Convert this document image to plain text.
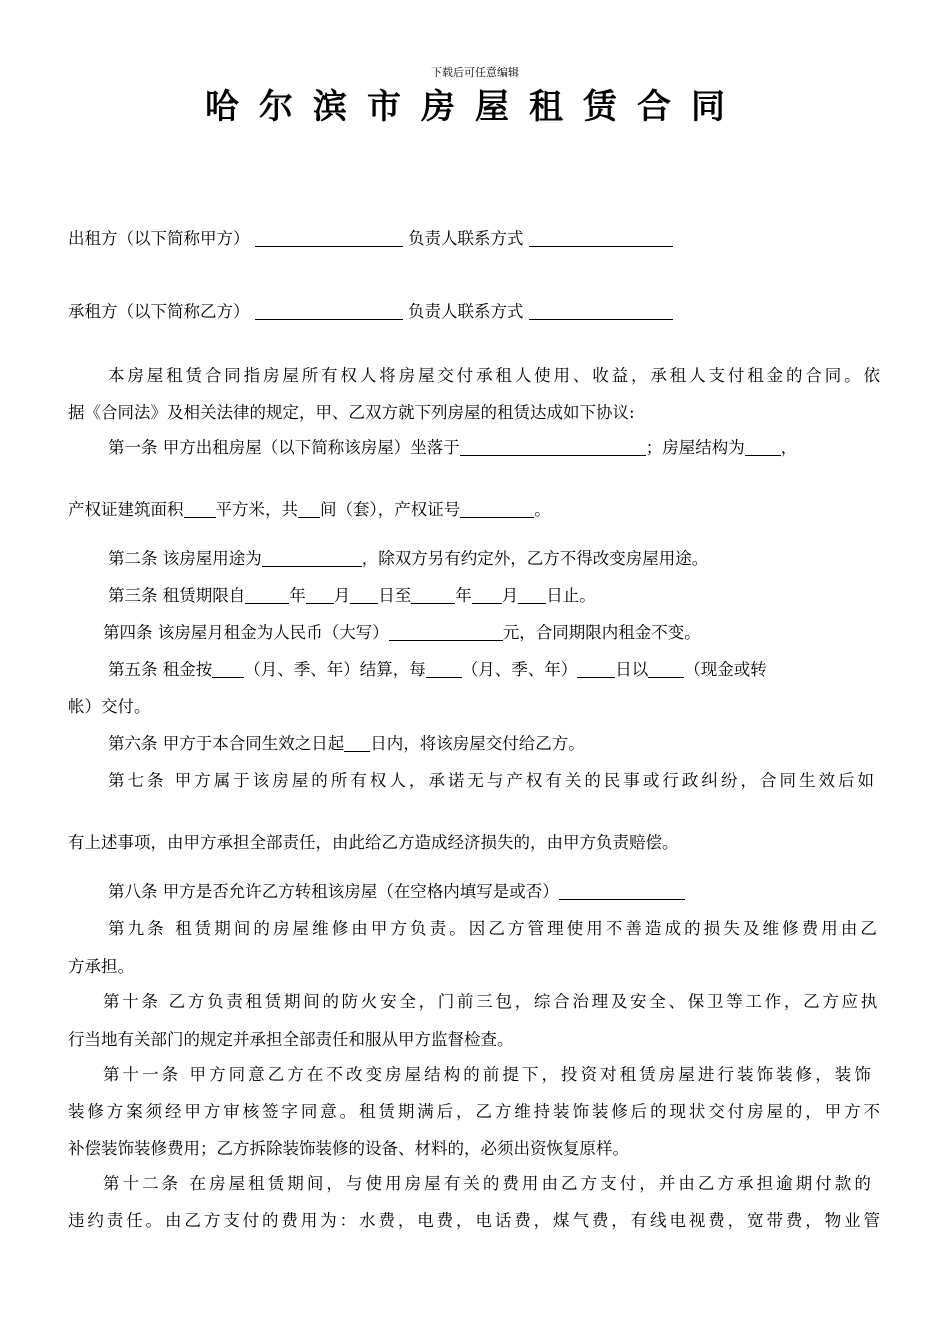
下载后可任意编辑
哈尔滨市房屋租赁合同
出租方（以下简称甲方）	负责人联系方式
承租方（以下简称乙方）	负责人联系方式
本房屋租赁合同指房屋所有权人将房屋交付承租人使用、收益，承租人支付租金的合同。依
据《合同法》及相关法律的规定，甲、乙双方就下列房屋的租赁达成如下协议:
第一条 甲方出租房屋（以下简称该房屋）坐落于	；房屋结构为 ，
产权证建筑面积 平方米，共 间（套），产权证号	。
第二条 该房屋用途为	，除双方另有约定外，乙方不得改变房屋用途。
第三条 租赁期限自	年 月 日至	年 月 日止。
第四条 该房屋月租金为人民币（大写）	元，合同期限内租金不变。
第五条 租金按 （月、季、年）结算，每 （月、季、年） 日以 （现金或转
帐）交付。
第六条 甲方于本合同生效之日起 日内，将该房屋交付给乙方。
第七条 甲方属于该房屋的所有权人，承诺无与产权有关的民事或行政纠纷，合同生效后如
有上述事项，由甲方承担全部责任，由此给乙方造成经济损失的，由甲方负责赔偿。
第八条 甲方是否允许乙方转租该房屋（在空格内填写是或否）
第九条 租赁期间的房屋维修由甲方负责。因乙方管理使用不善造成的损失及维修费用由乙
方承担。
第十条 乙方负责租赁期间的防火安全，门前三包，综合治理及安全、保卫等工作，乙方应执
行当地有关部门的规定并承担全部责任和服从甲方监督检查。
第十一条 甲方同意乙方在不改变房屋结构的前提下，投资对租赁房屋进行装饰装修，装饰
装修方案须经甲方审核签字同意。租赁期满后，乙方维持装饰装修后的现状交付房屋的，甲方不
补偿装饰装修费用；乙方拆除装饰装修的设备、材料的，必须出资恢复原样。
第十二条 在房屋租赁期间，与使用房屋有关的费用由乙方支付，并由乙方承担逾期付款的
违约责任。由乙方支付的费用为：水费，电费，电话费，煤气费，有线电视费，宽带费，物业管
